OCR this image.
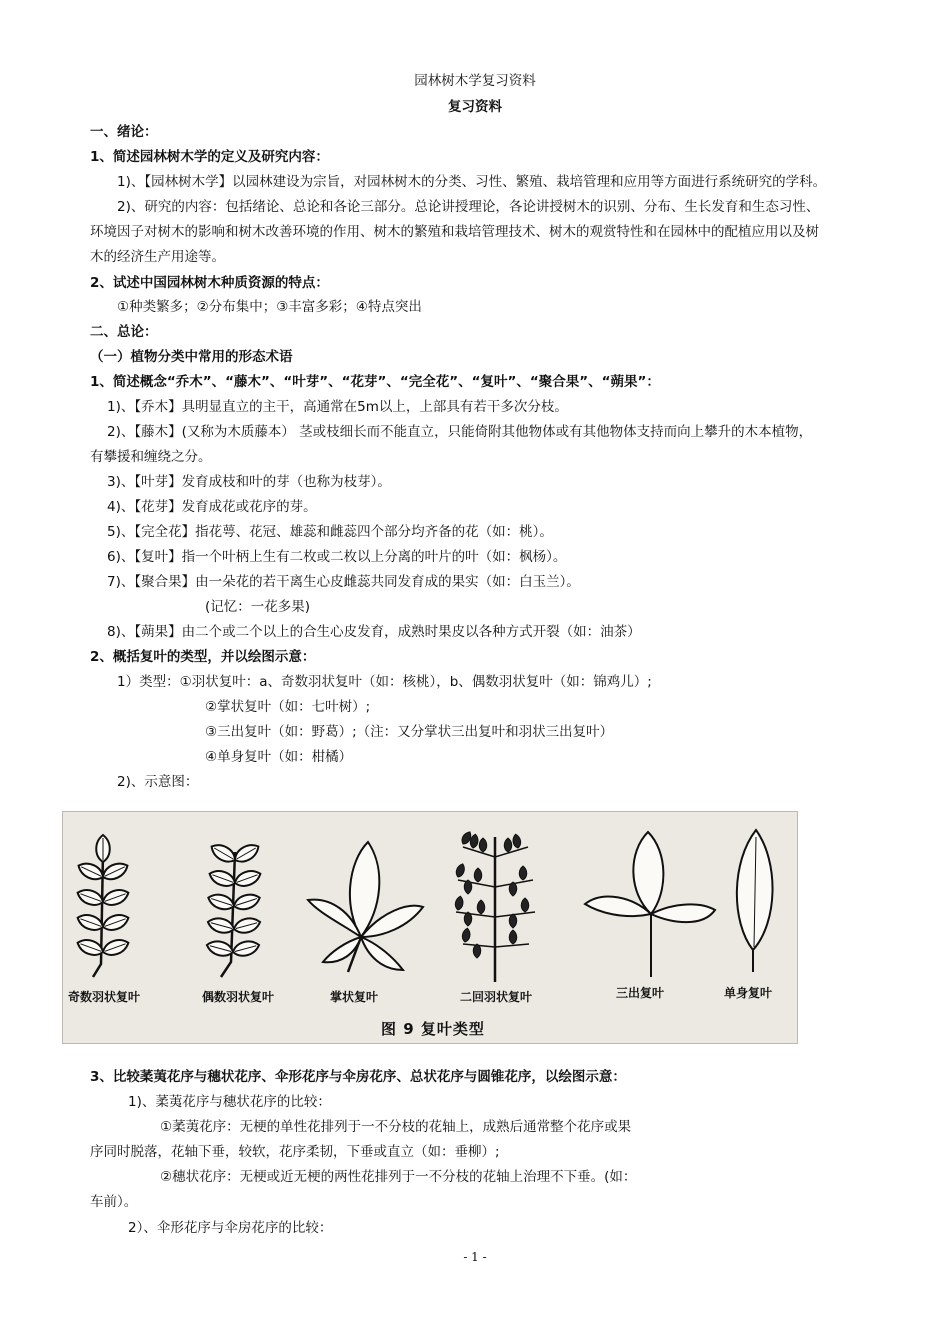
园林树木学复习资料
复习资料
一、绪论：
1、简述园林树木学的定义及研究内容：
1)、【园林树木学】以园林建设为宗旨，对园林树木的分类、习性、繁殖、栽培管理和应用等方面进行系统研究的学科。
2)、研究的内容：包括绪论、总论和各论三部分。总论讲授理论，各论讲授树木的识别、分布、生长发育和生态习性、
环境因子对树木的影响和树木改善环境的作用、树木的繁殖和栽培管理技术、树木的观赏特性和在园林中的配植应用以及树
木的经济生产用途等。
2、试述中国园林树木种质资源的特点：
①种类繁多；②分布集中；③丰富多彩；④特点突出
二、总论：
（一）植物分类中常用的形态术语
1、简述概念“乔木”、“藤木”、“叶芽”、“花芽”、“完全花”、“复叶”、“聚合果”、“蒴果”：
1)、【乔木】具明显直立的主干，高通常在5m以上，上部具有若干多次分枝。
2)、【藤木】(又称为木质藤本） 茎或枝细长而不能直立，只能倚附其他物体或有其他物体支持而向上攀升的木本植物，
有攀援和缠绕之分。
3)、【叶芽】发育成枝和叶的芽（也称为枝芽）。
4)、【花芽】发育成花或花序的芽。
5)、【完全花】指花萼、花冠、雄蕊和雌蕊四个部分均齐备的花（如：桃）。
6)、【复叶】指一个叶柄上生有二枚或二枚以上分离的叶片的叶（如：枫杨）。
7)、【聚合果】由一朵花的若干离生心皮雌蕊共同发育成的果实（如：白玉兰）。
(记忆：一花多果)
8)、【蒴果】由二个或二个以上的合生心皮发育，成熟时果皮以各种方式开裂（如：油茶）
2、概括复叶的类型，并以绘图示意：
1）类型：①羽状复叶：a、奇数羽状复叶（如：核桃），b、偶数羽状复叶（如：锦鸡儿）;
②掌状复叶（如：七叶树）;
③三出复叶（如：野葛）;（注：又分掌状三出复叶和羽状三出复叶）
④单身复叶（如：柑橘）
2)、示意图：
奇数羽状复叶	偶数羽状复叶	掌状复叶	二回羽状复叶	三出复叶	单身复叶
图 9 复叶类型
3、比较葇荑花序与穗状花序、伞形花序与伞房花序、总状花序与圆锥花序，以绘图示意：
1)、葇荑花序与穗状花序的比较：
①葇荑花序：无梗的单性花排列于一不分枝的花轴上，成熟后通常整个花序或果
序同时脱落，花轴下垂，较软，花序柔韧，下垂或直立（如：垂柳）;
②穗状花序：无梗或近无梗的两性花排列于一不分枝的花轴上治理不下垂。(如：
车前）。
2）、伞形花序与伞房花序的比较：
- 1 -
